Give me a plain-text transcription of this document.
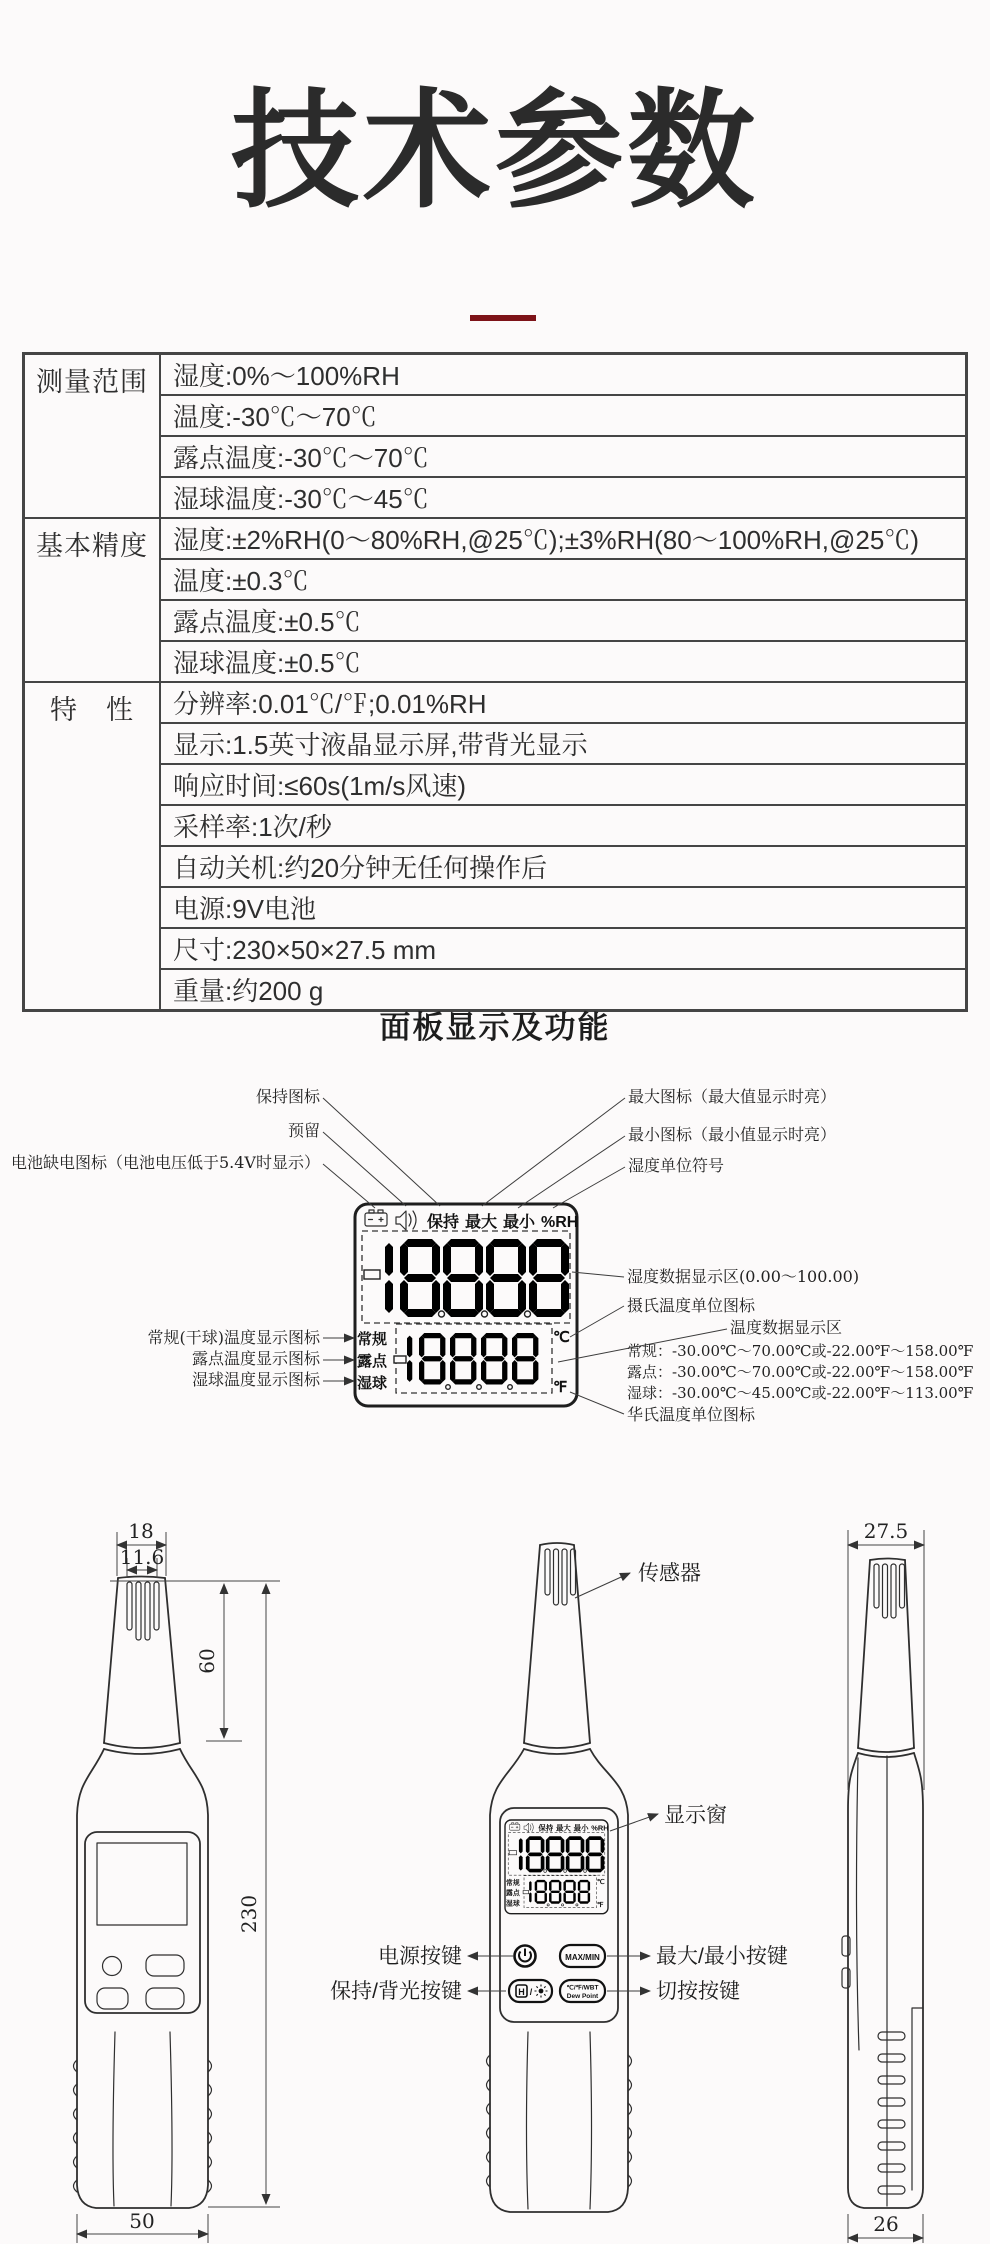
技术参数
测量范围	湿度:0%～100%RH
	温度:-30℃～70℃
	露点温度:-30℃～70℃
	湿球温度:-30℃～45℃
基本精度	湿度:±2%RH(0～80%RH,@25℃);±3%RH(80～100%RH,@25℃)
	温度:±0.3℃
	露点温度:±0.5℃
	湿球温度:±0.5℃
特　性	分辨率:0.01℃/℉;0.01%RH
	显示:1.5英寸液晶显示屏,带背光显示
	响应时间:≤60s(1m/s风速)
	采样率:1次/秒
	自动关机:约20分钟无任何操作后
	电源:9V电池
	尺寸:230×50×27.5 mm
	重量:约200 g
面板显示及功能
保持 最大 最小 %RH
常规
露点
湿球
℃
℉
保持图标
预留
电池缺电图标（电池电压低于5.4V时显示）
最大图标（最大值显示时亮）
最小图标（最小值显示时亮）
湿度单位符号
湿度数据显示区(0.00～100.00)
摄氏温度单位图标
温度数据显示区
常规：-30.00℃～70.00℃或-22.00℉～158.00℉
露点：-30.00℃～70.00℃或-22.00℉～158.00℉
湿球：-30.00℃～45.00℃或-22.00℉～113.00℉
华氏温度单位图标
常规(干球)温度显示图标
露点温度显示图标
湿球温度显示图标
18
11.6
60
230
50
MAX/MIN
H /	℃/℉/WBT
Dew Point
传感器
显示窗
电源按键	最大/最小按键
保持/背光按键	切按按键
27.5
26
